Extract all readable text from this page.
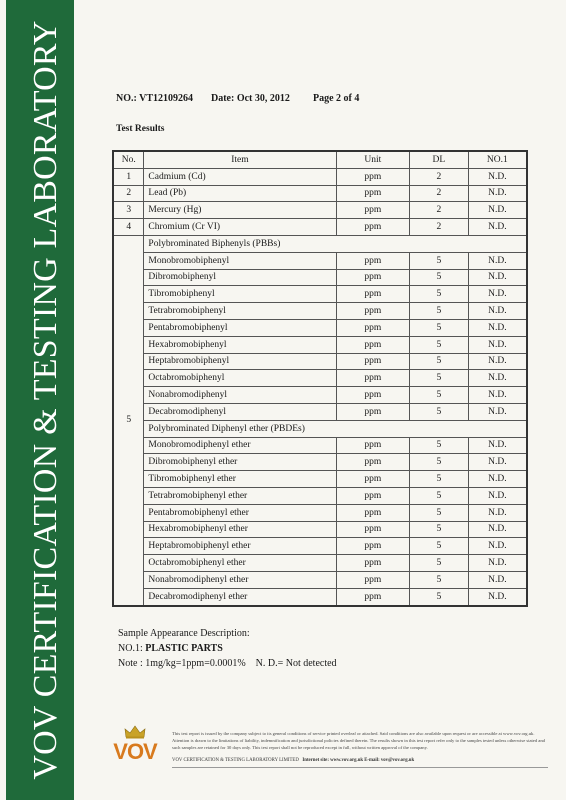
VOV CERTIFICATION & TESTING LABORATORY	NO.: VT12109264 Date: Oct 30, 2012 Page 2 of 4
Test Results
No.	Item	Unit	DL	NO.1
1	Cadmium (Cd)	ppm	2	N.D.
2	Lead (Pb)	ppm	2	N.D.
3	Mercury (Hg)	ppm	2	N.D.
4	Chromium (Cr VI)	ppm	2	N.D.
5	Polybrominated Biphenyls (PBBs)			
	Monobromobiphenyl	ppm	5	N.D.
	Dibromobiphenyl	ppm	5	N.D.
	Tibromobiphenyl	ppm	5	N.D.
	Tetrabromobiphenyl	ppm	5	N.D.
	Pentabromobiphenyl	ppm	5	N.D.
	Hexabromobiphenyl	ppm	5	N.D.
	Heptabromobiphenyl	ppm	5	N.D.
	Octabromobiphenyl	ppm	5	N.D.
	Nonabromodiphenyl	ppm	5	N.D.
	Decabromodiphenyl	ppm	5	N.D.
	Polybrominated Diphenyl ether (PBDEs)			
	Monobromodiphenyl ether	ppm	5	N.D.
	Dibromobiphenyl ether	ppm	5	N.D.
	Tibromobiphenyl ether	ppm	5	N.D.
	Tetrabromobiphenyl ether	ppm	5	N.D.
	Pentabromobiphenyl ether	ppm	5	N.D.
	Hexabromobiphenyl ether	ppm	5	N.D.
	Heptabromobiphenyl ether	ppm	5	N.D.
	Octabromobiphenyl ether	ppm	5	N.D.
	Nonabromodiphenyl ether	ppm	5	N.D.
	Decabromodiphenyl ether	ppm	5	N.D.
Sample Appearance Description:
NO.1: PLASTIC PARTS
Note : 1mg/kg=1ppm=0.0001%    N. D.= Not detected
VOV
This test report is issued by the company subject to its general conditions of service printed overleaf or attached. Said conditions are also available upon request or are accessible at www.vov.org.uk. Attention is drawn to the limitations of liability, indemnification and jurisdictional policies defined therein. The results shown in this test report refer only to the samples tested unless otherwise stated and such samples are retained for 30 days only. This test report shall not be reproduced except in full, without written approval of the company.
VOV CERTIFICATION & TESTING LABORATORY LIMITED Internet site: www.vov.org.uk E-mail: vov@vov.org.uk
